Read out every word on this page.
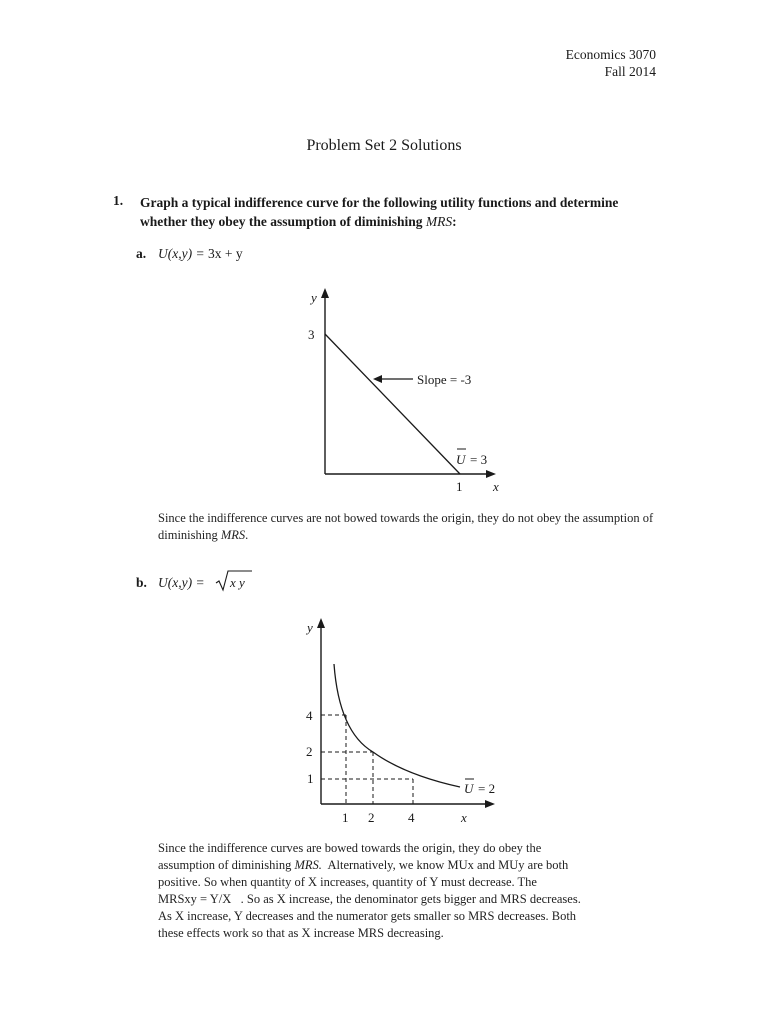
Economics 3070
Fall 2014
Problem Set 2 Solutions
1. Graph a typical indifference curve for the following utility functions and determine whether they obey the assumption of diminishing MRS:
a. U(x,y) = 3x + y
y
3
1 x
Slope = -3
U = 3
Since the indifference curves are not bowed towards the origin, they do not obey the assumption of diminishing MRS.
b. U(x,y) = x y
y
4
2
1
1 2	4	x
U = 2
Since the indifference curves are bowed towards the origin, they do obey the
assumption of diminishing MRS. Alternatively, we know MUx and MUy are both
positive. So when quantity of X increases, quantity of Y must decrease. The
MRSxy = Y/X   . So as X increase, the denominator gets bigger and MRS decreases.
As X increase, Y decreases and the numerator gets smaller so MRS decreases. Both
these effects work so that as X increase MRS decreasing.
